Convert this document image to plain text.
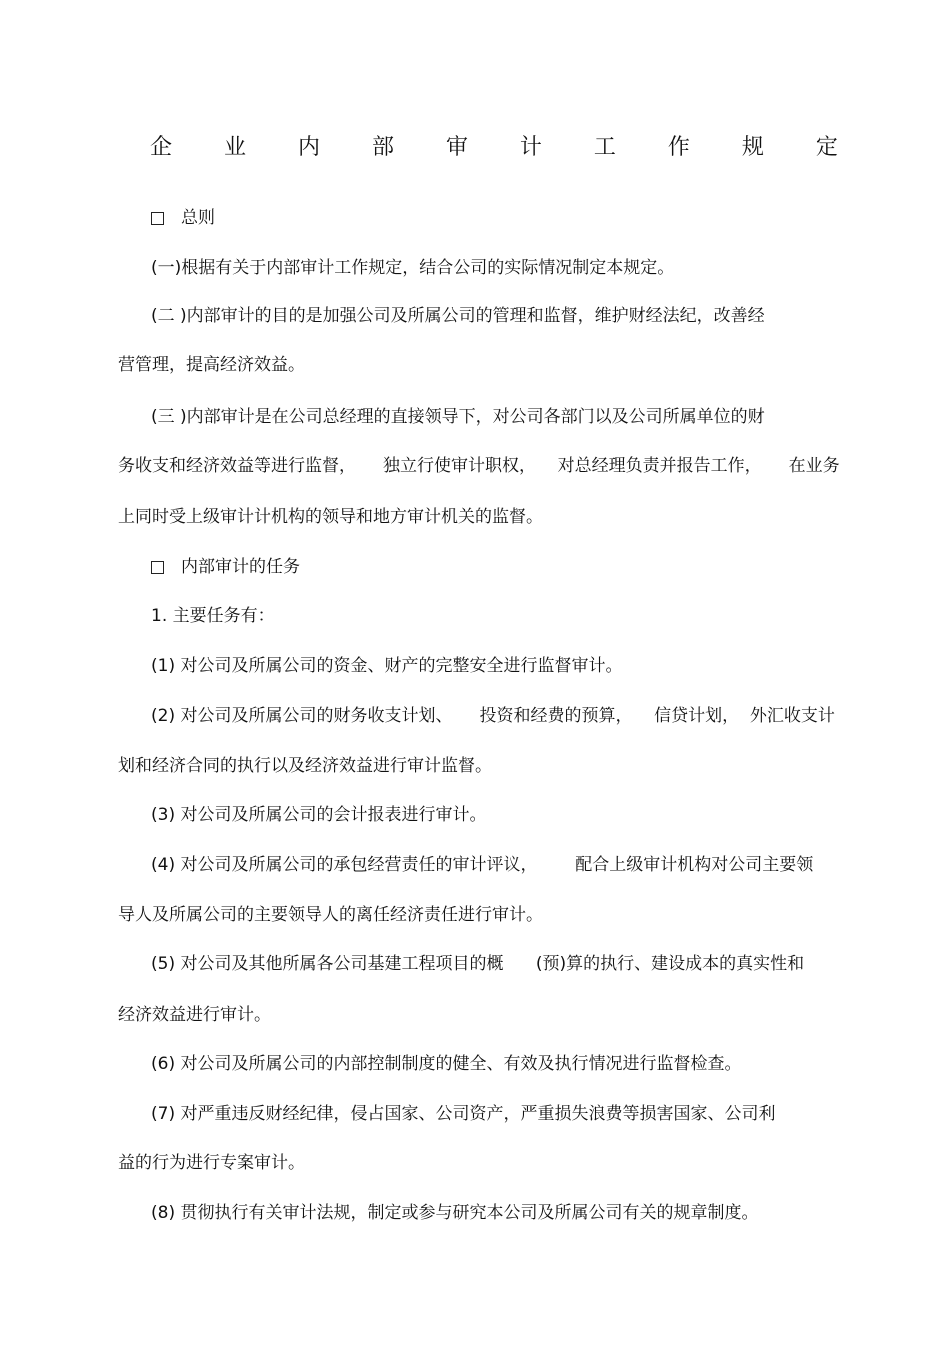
企 业 内 部 审 计 工 作 规 定
总则
(一)根据有关于内部审计工作规定，结合公司的实际情况制定本规定。
(二 )内部审计的目的是加强公司及所属公司的管理和监督，维护财经法纪，改善经
营管理，提高经济效益。
(三 )内部审计是在公司总经理的直接领导下，对公司各部门以及公司所属单位的财
务收支和经济效益等进行监督，     独立行使审计职权，    对总经理负责并报告工作，     在业务
上同时受上级审计计机构的领导和地方审计机关的监督。
内部审计的任务
1. 主要任务有：
(1) 对公司及所属公司的资金、财产的完整安全进行监督审计。
(2) 对公司及所属公司的财务收支计划、     投资和经费的预算，    信贷计划，  外汇收支计
划和经济合同的执行以及经济效益进行审计监督。
(3) 对公司及所属公司的会计报表进行审计。
(4) 对公司及所属公司的承包经营责任的审计评议，       配合上级审计机构对公司主要领
导人及所属公司的主要领导人的离任经济责任进行审计。
(5) 对公司及其他所属各公司基建工程项目的概      (预)算的执行、建设成本的真实性和
经济效益进行审计。
(6) 对公司及所属公司的内部控制制度的健全、有效及执行情况进行监督检查。
(7) 对严重违反财经纪律，侵占国家、公司资产，严重损失浪费等损害国家、公司利
益的行为进行专案审计。
(8) 贯彻执行有关审计法规，制定或参与研究本公司及所属公司有关的规章制度。
